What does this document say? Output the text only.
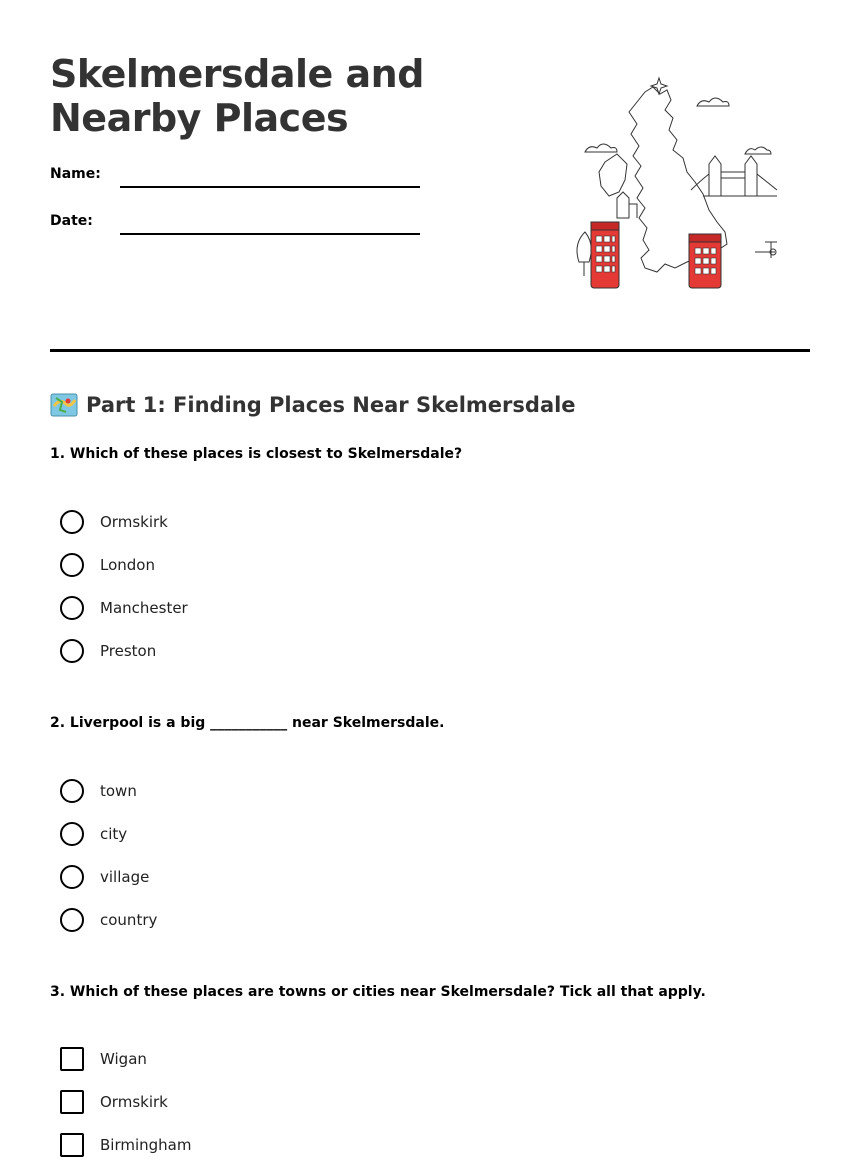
Skelmersdale and
Nearby Places
Name:
Date:
Part 1: Finding Places Near Skelmersdale

1. Which of these places is closest to Skelmersdale?

Ormskirk
London
Manchester
Preston

2. Liverpool is a big ___________ near Skelmersdale.

town
city
village
country

3. Which of these places are towns or cities near Skelmersdale? Tick all that apply.

Wigan
Ormskirk
Birmingham
